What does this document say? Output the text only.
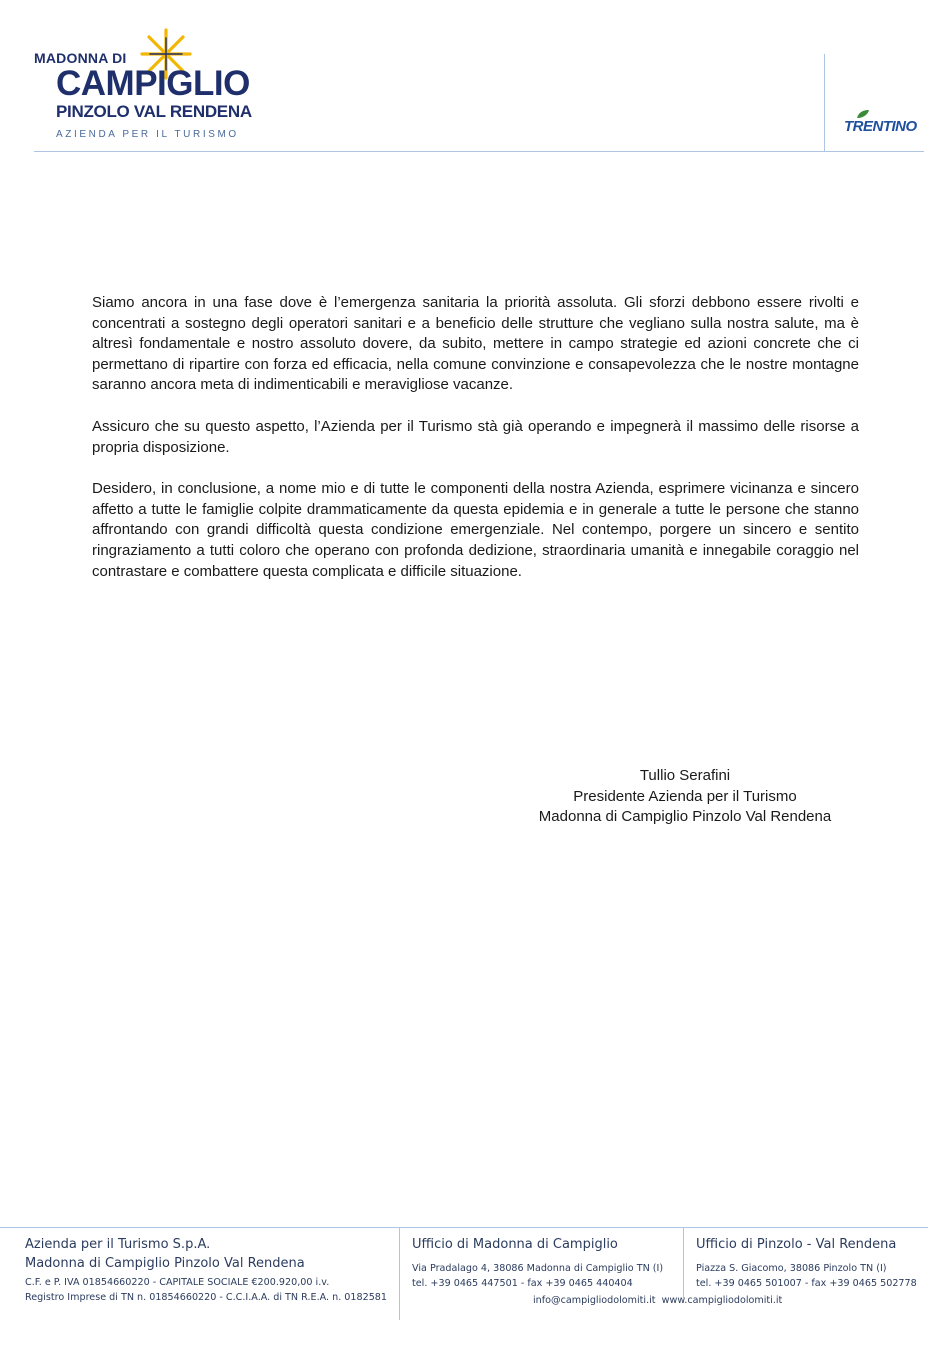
MADONNA DI
CAMPIGLIO
PINZOLO VAL RENDENA
AZIENDA PER IL TURISMO	TRENTINO

Siamo ancora in una fase dove è l’emergenza sanitaria la priorità assoluta. Gli sforzi debbono essere rivolti e concentrati a sostegno degli operatori sanitari e a beneficio delle strutture che vegliano sulla nostra salute, ma è altresì fondamentale e nostro assoluto dovere, da subito, mettere in campo strategie ed azioni concrete che ci permettano di ripartire con forza ed efficacia, nella comune convinzione e consapevolezza che le nostre montagne saranno ancora meta di indimenticabili e meravigliose vacanze.

Assicuro che su questo aspetto, l’Azienda per il Turismo stà già operando e impegnerà il massimo delle risorse a propria disposizione.

Desidero, in conclusione, a nome mio e di tutte le componenti della nostra Azienda, esprimere vicinanza e sincero affetto a tutte le famiglie colpite drammaticamente da questa epidemia e in generale a tutte le persone che stanno affrontando con grandi difficoltà questa condizione emergenziale. Nel contempo, porgere un sincero e sentito ringraziamento a tutti coloro che operano con profonda dedizione, straordinaria umanità e innegabile coraggio nel contrastare e combattere questa complicata e difficile situazione.

Tullio Serafini
Presidente Azienda per il Turismo
Madonna di Campiglio Pinzolo Val Rendena
Azienda per il Turismo S.p.A.
Madonna di Campiglio Pinzolo Val Rendena
C.F. e P. IVA 01854660220 - CAPITALE SOCIALE €200.920,00 i.v.
Registro Imprese di TN n. 01854660220 - C.C.I.A.A. di TN R.E.A. n. 0182581
Ufficio di Madonna di Campiglio
Via Pradalago 4, 38086 Madonna di Campiglio TN (I)
tel. +39 0465 447501 - fax +39 0465 440404
Ufficio di Pinzolo - Val Rendena
Piazza S. Giacomo, 38086 Pinzolo TN (I)
tel. +39 0465 501007 - fax +39 0465 502778
info@campigliodolomiti.it  www.campigliodolomiti.it
